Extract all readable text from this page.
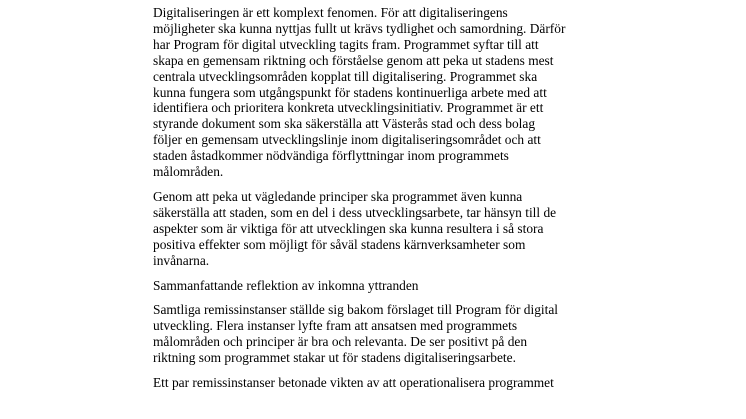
Digitaliseringen är ett komplext fenomen. För att digitaliseringens
möjligheter ska kunna nyttjas fullt ut krävs tydlighet och samordning. Därför
har Program för digital utveckling tagits fram. Programmet syftar till att
skapa en gemensam riktning och förståelse genom att peka ut stadens mest
centrala utvecklingsområden kopplat till digitalisering. Programmet ska
kunna fungera som utgångspunkt för stadens kontinuerliga arbete med att
identifiera och prioritera konkreta utvecklingsinitiativ. Programmet är ett
styrande dokument som ska säkerställa att Västerås stad och dess bolag
följer en gemensam utvecklingslinje inom digitaliseringsområdet och att
staden åstadkommer nödvändiga förflyttningar inom programmets
målområden.

Genom att peka ut vägledande principer ska programmet även kunna
säkerställa att staden, som en del i dess utvecklingsarbete, tar hänsyn till de
aspekter som är viktiga för att utvecklingen ska kunna resultera i så stora
positiva effekter som möjligt för såväl stadens kärnverksamheter som
invånarna.

Sammanfattande reflektion av inkomna yttranden

Samtliga remissinstanser ställde sig bakom förslaget till Program för digital
utveckling. Flera instanser lyfte fram att ansatsen med programmets
målområden och principer är bra och relevanta. De ser positivt på den
riktning som programmet stakar ut för stadens digitaliseringsarbete.

Ett par remissinstanser betonade vikten av att operationalisera programmet
